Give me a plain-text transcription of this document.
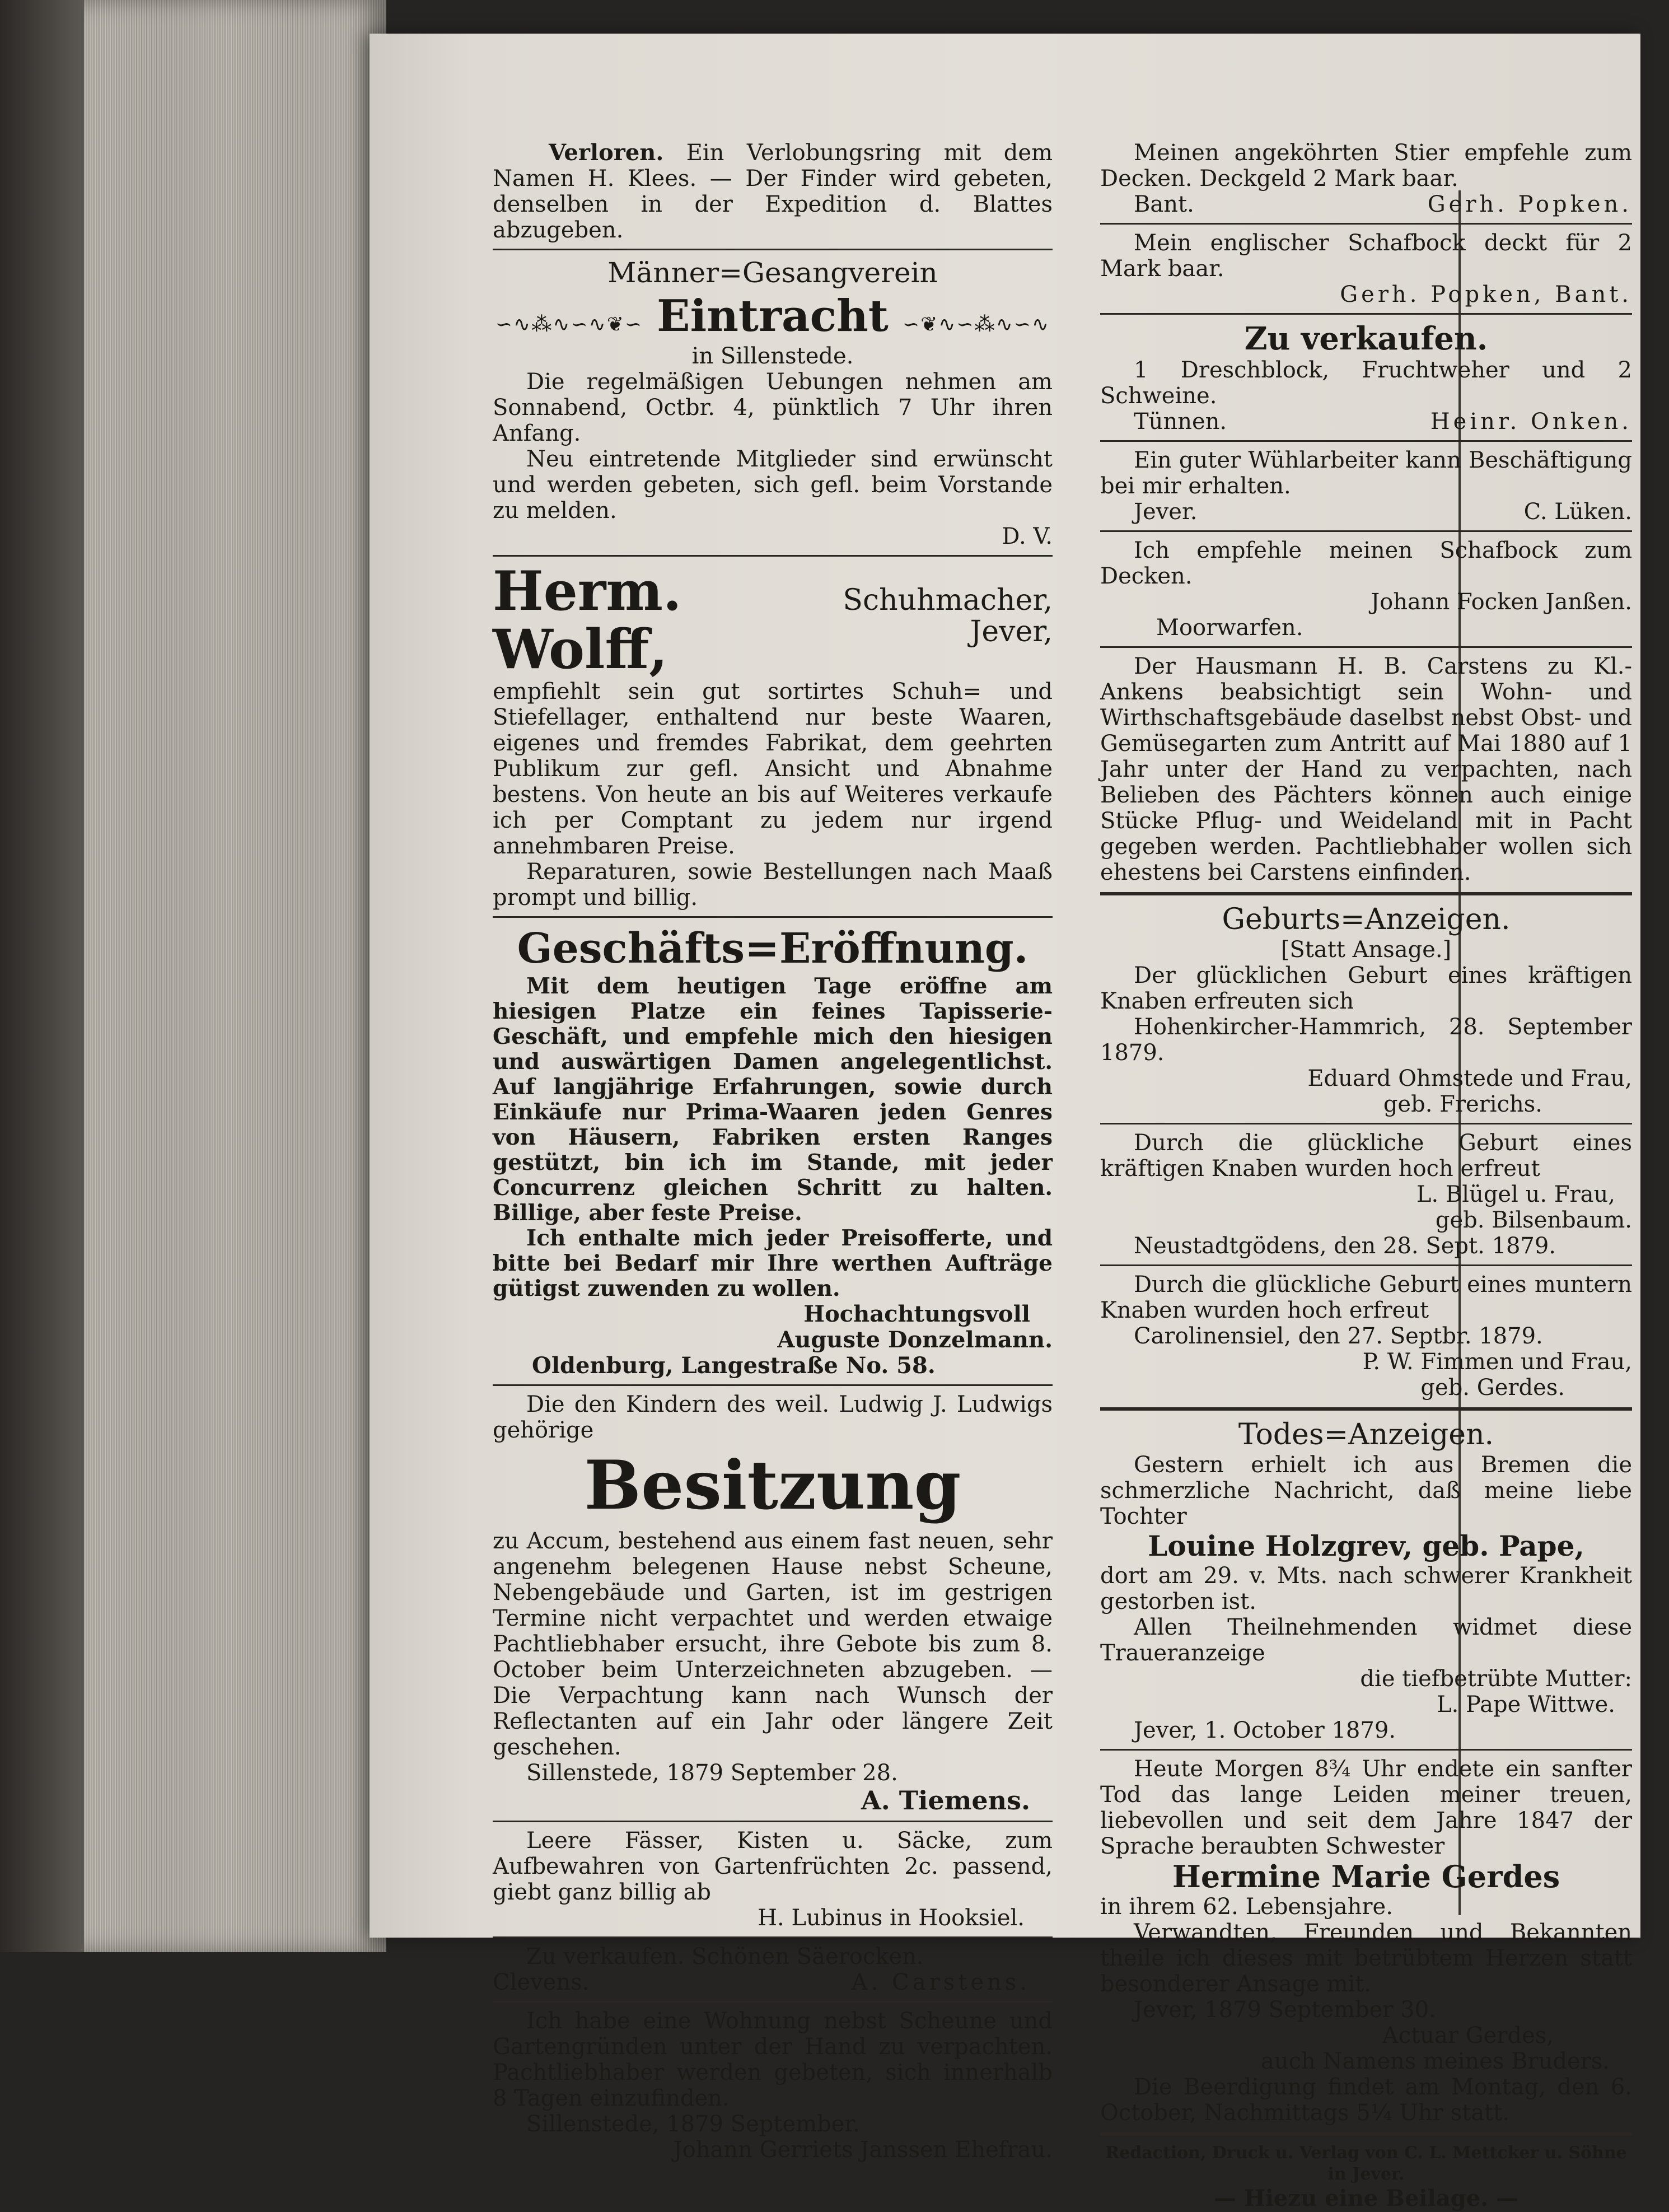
Verloren. Ein Verlobungsring mit dem Namen H. Klees. — Der Finder wird gebeten, denselben in der Expedition d. Blattes abzugeben.

Männer=Gesangverein

∽∿⁂∿∽∿❦∽ Eintracht ∽❦∿∽⁂∿∽∿

in Sillenstede.

Die regelmäßigen Uebungen nehmen am Sonnabend, Octbr. 4, pünktlich 7 Uhr ihren Anfang.

Neu eintretende Mitglieder sind erwünscht und werden gebeten, sich gefl. beim Vorstande zu melden.

D. V.

Herm. Wolff,
Schuhmacher,
Jever,

empfiehlt sein gut sortirtes Schuh= und Stiefellager, enthaltend nur beste Waaren, eigenes und fremdes Fabrikat, dem geehrten Publikum zur gefl. Ansicht und Abnahme bestens. Von heute an bis auf Weiteres verkaufe ich per Comptant zu jedem nur irgend annehmbaren Preise.

Reparaturen, sowie Bestellungen nach Maaß prompt und billig.

Geschäfts=Eröffnung.

Mit dem heutigen Tage eröffne am hiesigen Platze ein feines Tapisserie-Geschäft, und empfehle mich den hiesigen und auswärtigen Damen angelegentlichst. Auf langjährige Erfahrungen, sowie durch Einkäufe nur Prima-Waaren jeden Genres von Häusern, Fabriken ersten Ranges gestützt, bin ich im Stande, mit jeder Concurrenz gleichen Schritt zu halten. Billige, aber feste Preise.

Ich enthalte mich jeder Preisofferte, und bitte bei Bedarf mir Ihre werthen Aufträge gütigst zuwenden zu wollen.

Hochachtungsvoll

Auguste Donzelmann.

Oldenburg, Langestraße No. 58.

Die den Kindern des weil. Ludwig J. Ludwigs gehörige

Besitzung

zu Accum, bestehend aus einem fast neuen, sehr angenehm belegenen Hause nebst Scheune, Nebengebäude und Garten, ist im gestrigen Termine nicht verpachtet und werden etwaige Pachtliebhaber ersucht, ihre Gebote bis zum 8. October beim Unterzeichneten abzugeben. — Die Verpachtung kann nach Wunsch der Reflectanten auf ein Jahr oder längere Zeit geschehen.

Sillenstede, 1879 September 28.

A. Tiemens.

Leere Fässer, Kisten u. Säcke, zum Aufbewahren von Gartenfrüchten 2c. passend, giebt ganz billig ab

H. Lubinus in Hooksiel.

Zu verkaufen. Schönen Säerocken.

Clevens.	A. Carstens.

Ich habe eine Wohnung nebst Scheune und Gartengründen unter der Hand zu verpachten. Pachtliebhaber werden gebeten, sich innerhalb 8 Tagen einzufinden.

Sillenstede, 1879 September.

Johann Gerriets Janssen Ehefrau.

Meinen angeköhrten Stier empfehle zum Decken. Deckgeld 2 Mark baar.

Bant.	Gerh. Popken.

Mein englischer Schafbock deckt für 2 Mark baar.

Gerh. Popken, Bant.

Zu verkaufen.

1 Dreschblock, Fruchtweher und 2 Schweine.

Tünnen.	Heinr. Onken.

Ein guter Wühlarbeiter kann Beschäftigung bei mir erhalten.

Jever.	C. Lüken.

Ich empfehle meinen Schafbock zum Decken.

Johann Focken Janßen.

Moorwarfen.

Der Hausmann H. B. Carstens zu Kl.-Ankens beabsichtigt sein Wohn- und Wirthschaftsgebäude daselbst nebst Obst- und Gemüsegarten zum Antritt auf Mai 1880 auf 1 Jahr unter der Hand zu verpachten, nach Belieben des Pächters können auch einige Stücke Pflug- und Weideland mit in Pacht gegeben werden. Pachtliebhaber wollen sich ehestens bei Carstens einfinden.

Geburts=Anzeigen.

[Statt Ansage.]

Der glücklichen Geburt eines kräftigen Knaben erfreuten sich

Hohenkircher-Hammrich, 28. September 1879.

Eduard Ohmstede und Frau,

geb. Frerichs.

Durch die glückliche Geburt eines kräftigen Knaben wurden hoch erfreut

L. Blügel u. Frau,

geb. Bilsenbaum.

Neustadtgödens, den 28. Sept. 1879.

Durch die glückliche Geburt eines muntern Knaben wurden hoch erfreut

Carolinensiel, den 27. Septbr. 1879.

P. W. Fimmen und Frau,

geb. Gerdes.

Todes=Anzeigen.

Gestern erhielt ich aus Bremen die schmerzliche Nachricht, daß meine liebe Tochter

Louine Holzgrev, geb. Pape,

dort am 29. v. Mts. nach schwerer Krankheit gestorben ist.

Allen Theilnehmenden widmet diese Traueranzeige

die tiefbetrübte Mutter:

L. Pape Wittwe.

Jever, 1. October 1879.

Heute Morgen 8¾ Uhr endete ein sanfter Tod das lange Leiden meiner treuen, liebevollen und seit dem Jahre 1847 der Sprache beraubten Schwester

Hermine Marie Gerdes

in ihrem 62. Lebensjahre.

Verwandten, Freunden und Bekannten theile ich dieses mit betrübtem Herzen statt besonderer Ansage mit.

Jever, 1879 September 30.

Actuar Gerdes,

auch Namens meines Bruders.

Die Beerdigung findet am Montag, den 6. October, Nachmittags 5¼ Uhr statt.

Redaction, Druck u. Verlag von C. L. Mettcker u. Söhne in Jever.

— Hiezu eine Beilage. —
